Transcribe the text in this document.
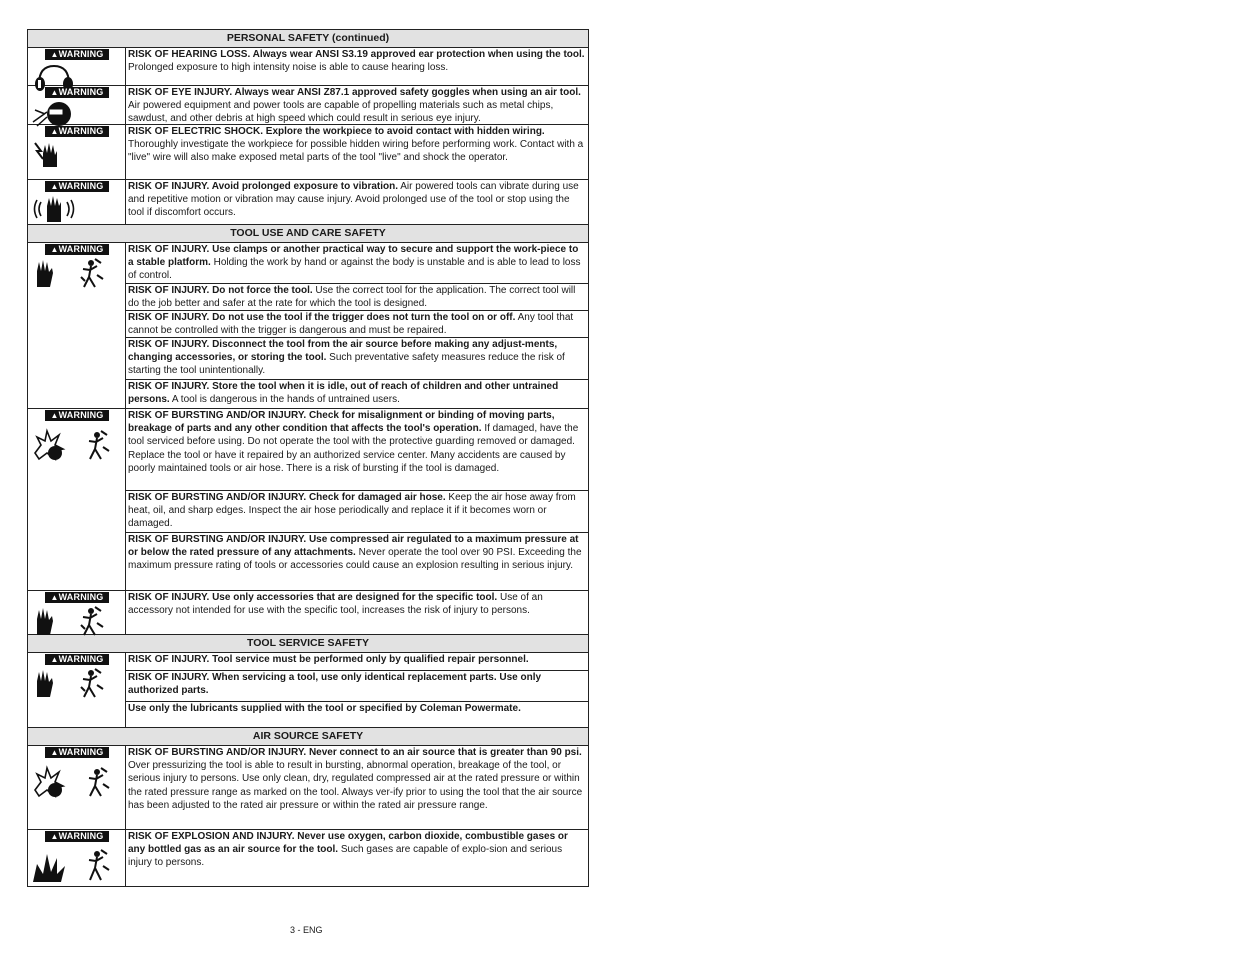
PERSONAL SAFETY (continued)
▲WARNING	RISK OF HEARING LOSS. Always wear ANSI S3.19 approved ear protection when using the tool. Prolonged exposure to high intensity noise is able to cause hearing loss.
▲WARNING	RISK OF EYE INJURY. Always wear ANSI Z87.1 approved safety goggles when using an air tool. Air powered equipment and power tools are capable of propelling materials such as metal chips, sawdust, and other debris at high speed which could result in serious eye injury.
▲WARNING	RISK OF ELECTRIC SHOCK. Explore the workpiece to avoid contact with hidden wiring. Thoroughly investigate the workpiece for possible hidden wiring before performing work. Contact with a "live" wire will also make exposed metal parts of the tool "live" and shock the operator.
▲WARNING	RISK OF INJURY. Avoid prolonged exposure to vibration. Air powered tools can vibrate during use and repetitive motion or vibration may cause injury. Avoid prolonged use of the tool or stop using the tool if discomfort occurs.
TOOL USE AND CARE SAFETY
▲WARNING	RISK OF INJURY. Use clamps or another practical way to secure and support the work-piece to a stable platform. Holding the work by hand or against the body is unstable and is able to lead to loss of control.
RISK OF INJURY. Do not force the tool. Use the correct tool for the application. The correct tool will do the job better and safer at the rate for which the tool is designed.
RISK OF INJURY. Do not use the tool if the trigger does not turn the tool on or off. Any tool that cannot be controlled with the trigger is dangerous and must be repaired.
RISK OF INJURY. Disconnect the tool from the air source before making any adjust-ments, changing accessories, or storing the tool. Such preventative safety measures reduce the risk of starting the tool unintentionally.
RISK OF INJURY. Store the tool when it is idle, out of reach of children and other untrained persons. A tool is dangerous in the hands of untrained users.
▲WARNING	RISK OF BURSTING AND/OR INJURY. Check for misalignment or binding of moving parts, breakage of parts and any other condition that affects the tool's operation. If damaged, have the tool serviced before using. Do not operate the tool with the protective guarding removed or damaged. Replace the tool or have it repaired by an authorized service center. Many accidents are caused by poorly maintained tools or air hose. There is a risk of bursting if the tool is damaged.
RISK OF BURSTING AND/OR INJURY. Check for damaged air hose. Keep the air hose away from heat, oil, and sharp edges. Inspect the air hose periodically and replace it if it becomes worn or damaged.
RISK OF BURSTING AND/OR INJURY. Use compressed air regulated to a maximum pressure at or below the rated pressure of any attachments. Never operate the tool over 90 PSI. Exceeding the maximum pressure rating of tools or accessories could cause an explosion resulting in serious injury.
▲WARNING	RISK OF INJURY. Use only accessories that are designed for the specific tool. Use of an accessory not intended for use with the specific tool, increases the risk of injury to persons.
TOOL SERVICE SAFETY
▲WARNING	RISK OF INJURY. Tool service must be performed only by qualified repair personnel.
RISK OF INJURY. When servicing a tool, use only identical replacement parts. Use only authorized parts.
Use only the lubricants supplied with the tool or specified by Coleman Powermate.
AIR SOURCE SAFETY
▲WARNING	RISK OF BURSTING AND/OR INJURY. Never connect to an air source that is greater than 90 psi. Over pressurizing the tool is able to result in bursting, abnormal operation, breakage of the tool, or serious injury to persons. Use only clean, dry, regulated compressed air at the rated pressure or within the rated pressure range as marked on the tool. Always ver-ify prior to using the tool that the air source has been adjusted to the rated air pressure or within the rated air pressure range.
▲WARNING	RISK OF EXPLOSION AND INJURY. Never use oxygen, carbon dioxide, combustible gases or any bottled gas as an air source for the tool. Such gases are capable of explo-sion and serious injury to persons.
3 - ENG
